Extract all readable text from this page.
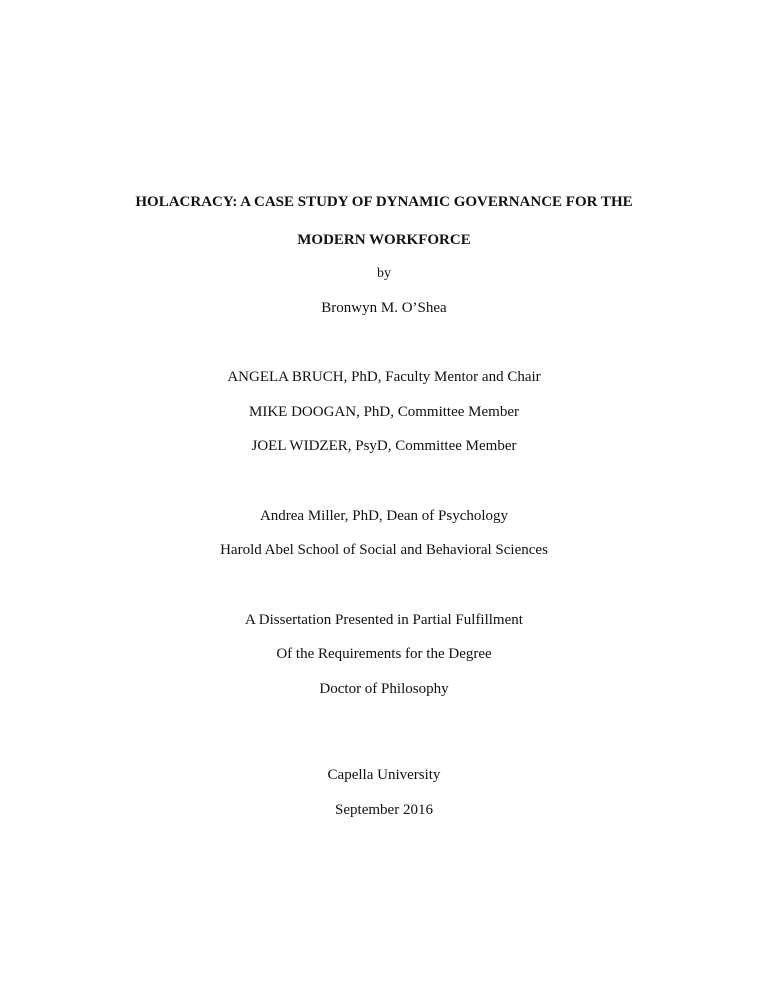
HOLACRACY: A CASE STUDY OF DYNAMIC GOVERNANCE FOR THE
MODERN WORKFORCE
by
Bronwyn M. O’Shea
ANGELA BRUCH, PhD, Faculty Mentor and Chair
MIKE DOOGAN, PhD, Committee Member
JOEL WIDZER, PsyD, Committee Member
Andrea Miller, PhD, Dean of Psychology
Harold Abel School of Social and Behavioral Sciences
A Dissertation Presented in Partial Fulfillment
Of the Requirements for the Degree
Doctor of Philosophy
Capella University
September 2016
